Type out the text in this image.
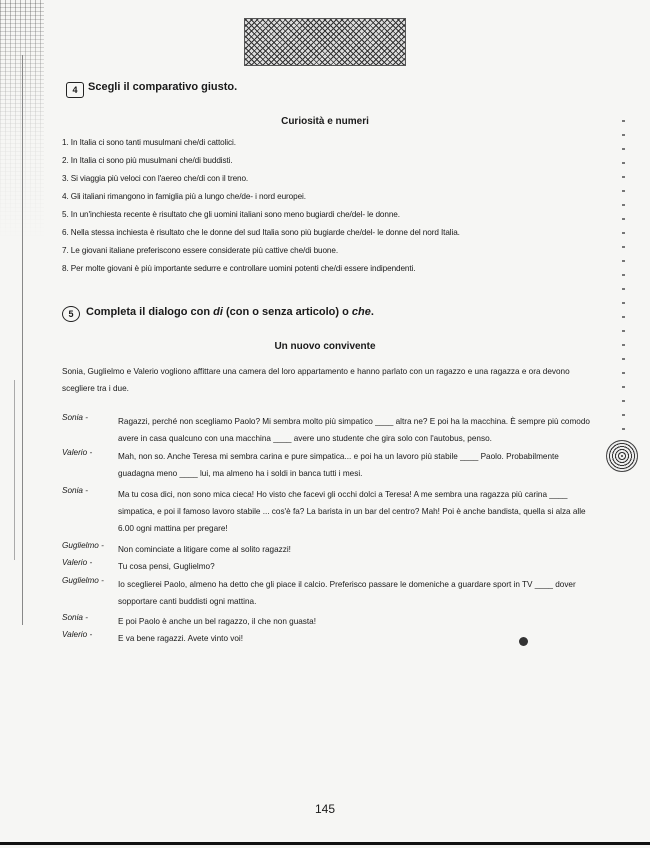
4 Scegli il comparativo giusto.
Curiosità e numeri
1. In Italia ci sono tanti musulmani che/di cattolici.
2. In Italia ci sono più musulmani che/di buddisti.
3. Si viaggia più veloci con l'aereo che/di con il treno.
4. Gli italiani rimangono in famiglia più a lungo che/de- i nord europei.
5. In un'inchiesta recente è risultato che gli uomini italiani sono meno bugiardi che/del- le donne.
6. Nella stessa inchiesta è risultato che le donne del sud Italia sono più bugiarde che/del- le donne del nord Italia.
7. Le giovani italiane preferiscono essere considerate più cattive che/di buone.
8. Per molte giovani è più importante sedurre e controllare uomini potenti che/di essere indipendenti.
5	Completa il dialogo con di (con o senza articolo) o che.
Un nuovo convivente
Sonia, Guglielmo e Valerio vogliono affittare una camera del loro appartamento e hanno parlato con un ragazzo e una ragazza e ora devono scegliere tra i due.
Sonia -	Ragazzi, perché non scegliamo Paolo? Mi sembra molto più simpatico ____ altra ne? E poi ha la macchina. È sempre più comodo avere in casa qualcuno con una macchina ____ avere uno studente che gira solo con l'autobus, penso.
Valerio -	Mah, non so. Anche Teresa mi sembra carina e pure simpatica... e poi ha un lavoro più stabile ____ Paolo. Probabilmente guadagna meno ____ lui, ma almeno ha i soldi in banca tutti i mesi.
Sonia -	Ma tu cosa dici, non sono mica cieca! Ho visto che facevi gli occhi dolci a Teresa! A me sembra una ragazza più carina ____ simpatica, e poi il famoso lavoro stabile ... cos'è fa? La barista in un bar del centro? Mah! Poi è anche bandista, quella si alza alle 6.00 ogni mattina per pregare!
Guglielmo -	Non cominciate a litigare come al solito ragazzi!
Valerio -	Tu cosa pensi, Guglielmo?
Guglielmo -	Io sceglierei Paolo, almeno ha detto che gli piace il calcio. Preferisco passare le domeniche a guardare sport in TV ____ dover sopportare canti buddisti ogni mattina.
Sonia -	E poi Paolo è anche un bel ragazzo, il che non guasta!
Valerio -	E va bene ragazzi. Avete vinto voi!
145
